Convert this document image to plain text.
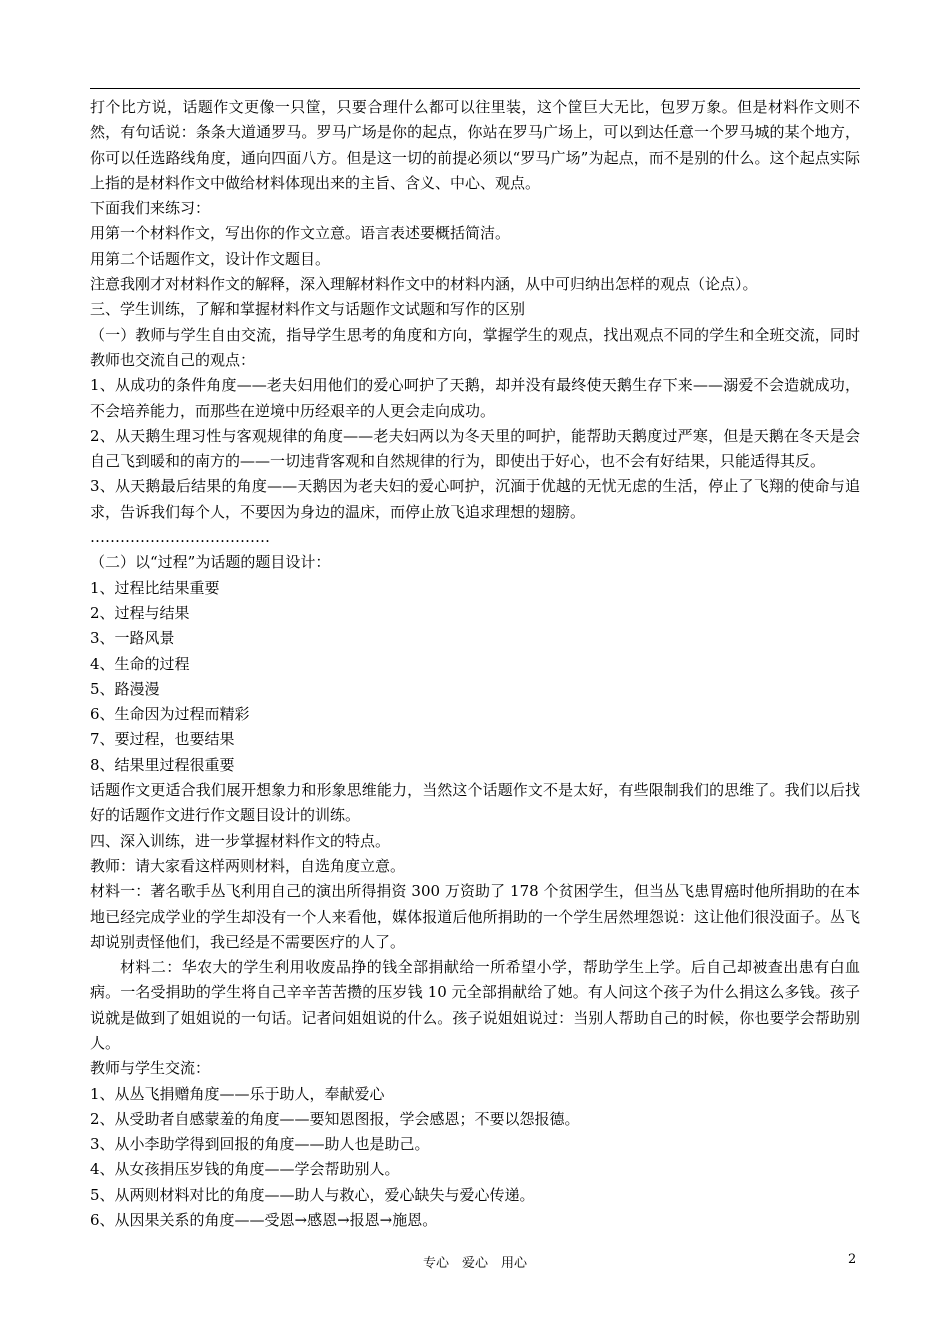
打个比方说，话题作文更像一只筐，只要合理什么都可以往里装，这个筐巨大无比，包罗万象。但是材料作文则不然，有句话说：条条大道通罗马。罗马广场是你的起点，你站在罗马广场上，可以到达任意一个罗马城的某个地方，你可以任选路线角度，通向四面八方。但是这一切的前提必须以“罗马广场”为起点，而不是别的什么。这个起点实际上指的是材料作文中做给材料体现出来的主旨、含义、中心、观点。

下面我们来练习：

用第一个材料作文，写出你的作文立意。语言表述要概括简洁。

用第二个话题作文，设计作文题目。

注意我刚才对材料作文的解释，深入理解材料作文中的材料内涵，从中可归纳出怎样的观点（论点）。

三、学生训练，了解和掌握材料作文与话题作文试题和写作的区别

（一）教师与学生自由交流，指导学生思考的角度和方向，掌握学生的观点，找出观点不同的学生和全班交流，同时教师也交流自己的观点：

1、从成功的条件角度——老夫妇用他们的爱心呵护了天鹅，却并没有最终使天鹅生存下来——溺爱不会造就成功，不会培养能力，而那些在逆境中历经艰辛的人更会走向成功。

2、从天鹅生理习性与客观规律的角度——老夫妇两以为冬天里的呵护，能帮助天鹅度过严寒，但是天鹅在冬天是会自己飞到暖和的南方的——一切违背客观和自然规律的行为，即使出于好心，也不会有好结果，只能适得其反。

3、从天鹅最后结果的角度——天鹅因为老夫妇的爱心呵护，沉湎于优越的无忧无虑的生活，停止了飞翔的使命与追求，告诉我们每个人，不要因为身边的温床，而停止放飞追求理想的翅膀。

………………………………

（二）以“过程”为话题的题目设计：

1、过程比结果重要

2、过程与结果

3、一路风景

4、生命的过程

5、路漫漫

6、生命因为过程而精彩

7、要过程，也要结果

8、结果里过程很重要

话题作文更适合我们展开想象力和形象思维能力，当然这个话题作文不是太好，有些限制我们的思维了。我们以后找好的话题作文进行作文题目设计的训练。

四、深入训练，进一步掌握材料作文的特点。

教师：请大家看这样两则材料，自选角度立意。

材料一：著名歌手丛飞利用自己的演出所得捐资 300 万资助了 178 个贫困学生，但当丛飞患胃癌时他所捐助的在本地已经完成学业的学生却没有一个人来看他，媒体报道后他所捐助的一个学生居然埋怨说：这让他们很没面子。丛飞却说别责怪他们，我已经是不需要医疗的人了。

材料二：华农大的学生利用收废品挣的钱全部捐献给一所希望小学，帮助学生上学。后自己却被查出患有白血病。一名受捐助的学生将自己辛辛苦苦攒的压岁钱 10 元全部捐献给了她。有人问这个孩子为什么捐这么多钱。孩子说就是做到了姐姐说的一句话。记者问姐姐说的什么。孩子说姐姐说过：当别人帮助自己的时候，你也要学会帮助别人。

教师与学生交流：

1、从丛飞捐赠角度——乐于助人，奉献爱心

2、从受助者自感蒙羞的角度——要知恩图报，学会感恩；不要以怨报德。

3、从小李助学得到回报的角度——助人也是助己。

4、从女孩捐压岁钱的角度——学会帮助别人。

5、从两则材料对比的角度——助人与救心，爱心缺失与爱心传递。

6、从因果关系的角度——受恩→感恩→报恩→施恩。

专心　爱心　用心	2
